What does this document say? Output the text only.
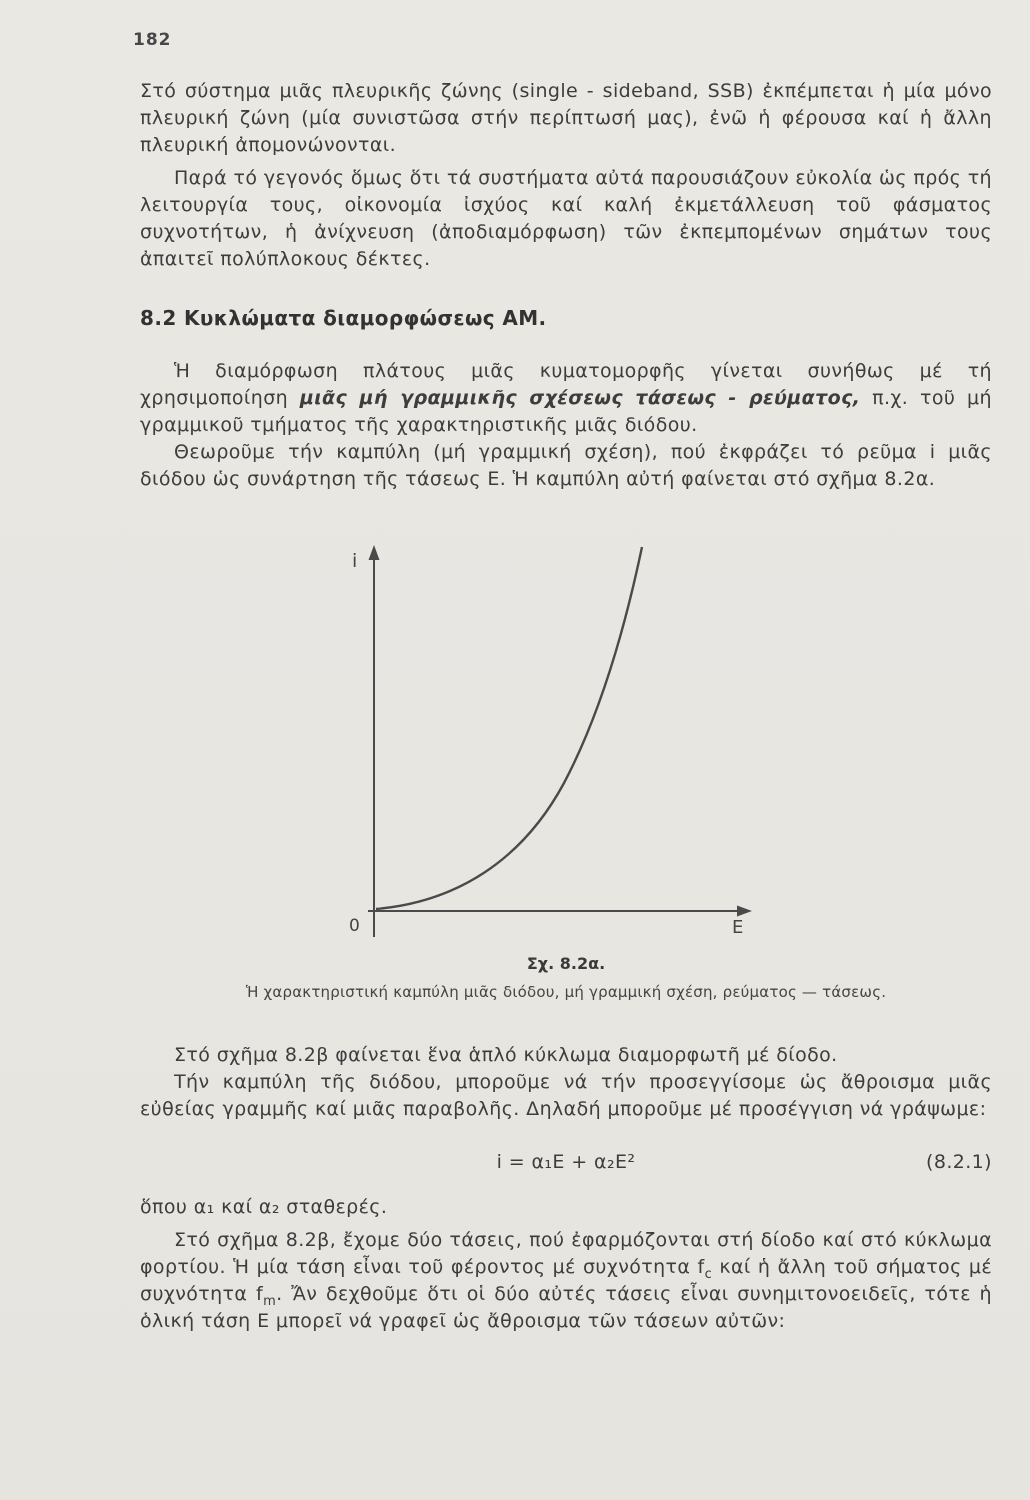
182

Στό σύστημα μιᾶς πλευρικῆς ζώνης (single - sideband, SSB) ἐκπέμπεται ἡ μία μόνο πλευρική ζώνη (μία συνιστῶσα στήν περίπτωσή μας), ἐνῶ ἡ φέρουσα καί ἡ ἄλλη πλευρική ἀπομονώνονται.

Παρά τό γεγονός ὅμως ὅτι τά συστήματα αὐτά παρουσιάζουν εὐκολία ὡς πρός τή λειτουργία τους, οἰκονομία ἰσχύος καί καλή ἐκμετάλλευση τοῦ φάσματος συχνοτήτων, ἡ ἀνίχνευση (ἀποδιαμόρφωση) τῶν ἐκπεμπομένων σημάτων τους ἀπαιτεῖ πολύπλοκους δέκτες.

8.2 Κυκλώματα διαμορφώσεως ΑΜ.

Ἡ διαμόρφωση πλάτους μιᾶς κυματομορφῆς γίνεται συνήθως μέ τή χρησιμοποίηση μιᾶς μή γραμμικῆς σχέσεως τάσεως - ρεύματος, π.χ. τοῦ μή γραμμικοῦ τμήματος τῆς χαρακτηριστικῆς μιᾶς διόδου.

Θεωροῦμε τήν καμπύλη (μή γραμμική σχέση), πού ἐκφράζει τό ρεῦμα i μιᾶς διόδου ὡς συνάρτηση τῆς τάσεως Ε. Ἡ καμπύλη αὐτή φαίνεται στό σχῆμα 8.2α.

i
0	E
Σχ. 8.2α.
Ἡ χαρακτηριστική καμπύλη μιᾶς διόδου, μή γραμμική σχέση, ρεύματος — τάσεως.

Στό σχῆμα 8.2β φαίνεται ἕνα ἁπλό κύκλωμα διαμορφωτῆ μέ δίοδο.

Τήν καμπύλη τῆς διόδου, μποροῦμε νά τήν προσεγγίσομε ὡς ἄθροισμα μιᾶς εὐθείας γραμμῆς καί μιᾶς παραβολῆς. Δηλαδή μποροῦμε μέ προσέγγιση νά γράψωμε:

i = α₁Ε + α₂Ε²	(8.2.1)

ὅπου α₁ καί α₂ σταθερές.

Στό σχῆμα 8.2β, ἔχομε δύο τάσεις, πού ἐφαρμόζονται στή δίοδο καί στό κύκλωμα φορτίου. Ἡ μία τάση εἶναι τοῦ φέροντος μέ συχνότητα $f_c$ καί ἡ ἄλλη τοῦ σήματος μέ συχνότητα $f_m$. Ἄν δεχθοῦμε ὅτι οἱ δύο αὐτές τάσεις εἶναι συνημιτονοειδεῖς, τότε ἡ ὁλική τάση Ε μπορεῖ νά γραφεῖ ὡς ἄθροισμα τῶν τάσεων αὐτῶν:
